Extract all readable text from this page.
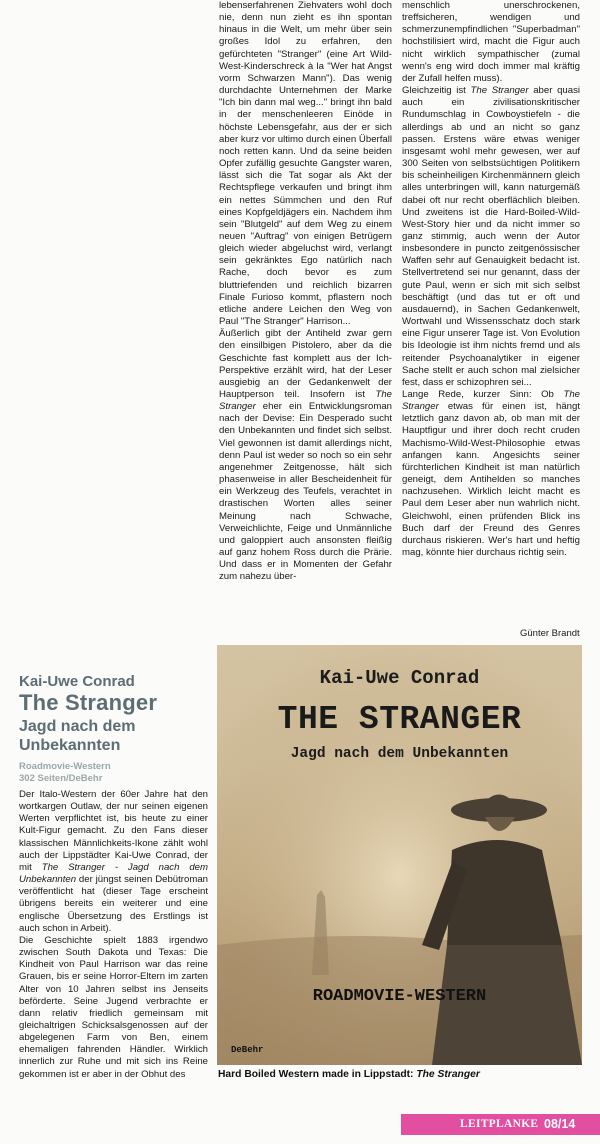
lebenserfahrenen Ziehvaters wohl doch nie, denn nun zieht es ihn spontan hinaus in die Welt, um mehr über sein großes Idol zu erfahren, den gefürchteten "Stranger" (eine Art Wild-West-Kinderschreck à la "Wer hat Angst vorm Schwarzen Mann"). Das wenig durchdachte Unternehmen der Marke "Ich bin dann mal weg..." bringt ihn bald in der menschenleeren Einöde in höchste Lebensgefahr, aus der er sich aber kurz vor ultimo durch einen Überfall noch retten kann. Und da seine beiden Opfer zufällig gesuchte Gangster waren, lässt sich die Tat sogar als Akt der Rechtspflege verkaufen und bringt ihm ein nettes Sümmchen und den Ruf eines Kopfgeldjägers ein. Nachdem ihm sein "Blutgeld" auf dem Weg zu einem neuen "Auftrag" von einigen Betrügern gleich wieder abgeluchst wird, verlangt sein gekränktes Ego natürlich nach Rache, doch bevor es zum bluttriefenden und reichlich bizarren Finale Furioso kommt, pflastern noch etliche andere Leichen den Weg von Paul "The Stranger" Harrison...

Äußerlich gibt der Antiheld zwar gern den einsilbigen Pistolero, aber da die Geschichte fast komplett aus der Ich-Perspektive erzählt wird, hat der Leser ausgiebig an der Gedankenwelt der Hauptperson teil. Insofern ist The Stranger eher ein Entwicklungsroman nach der Devise: Ein Desperado sucht den Unbekannten und findet sich selbst. Viel gewonnen ist damit allerdings nicht, denn Paul ist weder so noch so ein sehr angenehmer Zeitgenosse, hält sich phasenweise in aller Bescheidenheit für ein Werkzeug des Teufels, verachtet in drastischen Worten alles seiner Meinung nach Schwache, Verweichlichte, Feige und Unmännliche und galoppiert auch ansonsten fleißig auf ganz hohem Ross durch die Prärie. Und dass er in Momenten der Gefahr zum nahezu über-

menschlich unerschrockenen, treffsicheren, wendigen und schmerzunempfindlichen "Superbadman" hochstilisiert wird, macht die Figur auch nicht wirklich sympathischer (zumal wenn's eng wird doch immer mal kräftig der Zufall helfen muss).

Gleichzeitig ist The Stranger aber quasi auch ein zivilisationskritischer Rundumschlag in Cowboystiefeln - die allerdings ab und an nicht so ganz passen. Erstens wäre etwas weniger insgesamt wohl mehr gewesen, wer auf 300 Seiten von selbstsüchtigen Politikern bis scheinheiligen Kirchenmännern gleich alles unterbringen will, kann naturgemäß dabei oft nur recht oberflächlich bleiben. Und zweitens ist die Hard-Boiled-Wild-West-Story hier und da nicht immer so ganz stimmig, auch wenn der Autor insbesondere in puncto zeitgenössischer Waffen sehr auf Genauigkeit bedacht ist. Stellvertretend sei nur genannt, dass der gute Paul, wenn er sich mit sich selbst beschäftigt (und das tut er oft und ausdauernd), in Sachen Gedankenwelt, Wortwahl und Wissensschatz doch stark eine Figur unserer Tage ist. Von Evolution bis Ideologie ist ihm nichts fremd und als reitender Psychoanalytiker in eigener Sache stellt er auch schon mal zielsicher fest, dass er schizophren sei...

Lange Rede, kurzer Sinn: Ob The Stranger etwas für einen ist, hängt letztlich ganz davon ab, ob man mit der Hauptfigur und ihrer doch recht cruden Machismo-Wild-West-Philosophie etwas anfangen kann. Angesichts seiner fürchterlichen Kindheit ist man natürlich geneigt, dem Antihelden so manches nachzusehen. Wirklich leicht macht es Paul dem Leser aber nun wahrlich nicht. Gleichwohl, einen prüfenden Blick ins Buch darf der Freund des Genres durchaus riskieren. Wer's hart und heftig mag, könnte hier durchaus richtig sein.

Günter Brandt
Kai-Uwe Conrad
The Stranger
Jagd nach dem Unbekannten
Roadmovie-Western
302 Seiten/DeBehr

Der Italo-Western der 60er Jahre hat den wortkargen Outlaw, der nur seinen eigenen Werten verpflichtet ist, bis heute zu einer Kult-Figur gemacht. Zu den Fans dieser klassischen Männlichkeits-Ikone zählt wohl auch der Lippstädter Kai-Uwe Conrad, der mit The Stranger - Jagd nach dem Unbekannten der jüngst seinen Debütroman veröffentlicht hat (dieser Tage erscheint übrigens bereits ein weiterer und eine englische Übersetzung des Erstlings ist auch schon in Arbeit).

Die Geschichte spielt 1883 irgendwo zwischen South Dakota und Texas: Die Kindheit von Paul Harrison war das reine Grauen, bis er seine Horror-Eltern im zarten Alter von 10 Jahren selbst ins Jenseits beförderte. Seine Jugend verbrachte er dann relativ friedlich gemeinsam mit gleichaltrigen Schicksalsgenossen auf der abgelegenen Farm von Ben, einem ehemaligen fahrenden Händler. Wirklich innerlich zur Ruhe und mit sich ins Reine gekommen ist er aber in der Obhut des

Kai-Uwe Conrad
THE STRANGER
Jagd nach dem Unbekannten
ROADMOVIE-WESTERN
DeBehr
Hard Boiled Western made in Lippstadt: The Stranger
LEITPLANKE 08/14
